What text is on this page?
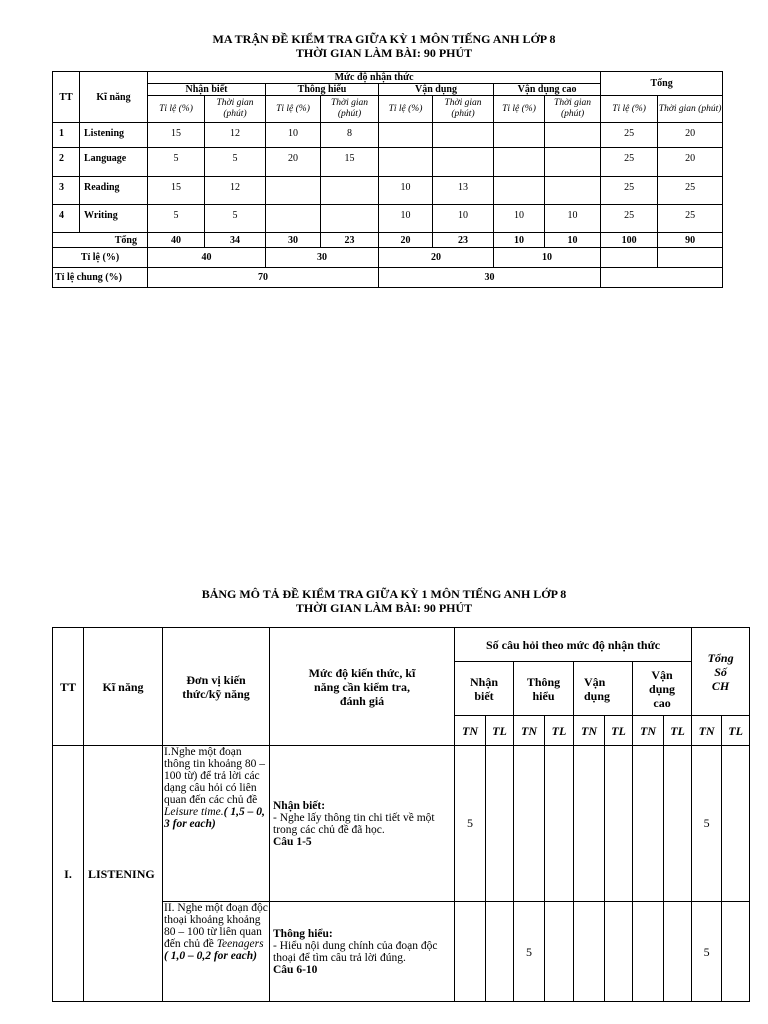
MA TRẬN ĐỀ KIỂM TRA GIỮA KỲ 1 MÔN TIẾNG ANH LỚP 8
THỜI GIAN LÀM BÀI: 90 PHÚT
TT	Kĩ năng	Mức độ nhận thức								Tổng	
		Nhận biết		Thông hiểu		Vận dụng		Vận dụng cao			
		Tỉ lệ (%)	Thời gian (phút)	Tỉ lệ (%)	Thời gian (phút)	Tỉ lệ (%)	Thời gian (phút)	Tỉ lệ (%)	Thời gian (phút)	Tỉ lệ (%)	Thời gian (phút)
1	Listening	15	12	10	8					25	20
2	Language	5	5	20	15					25	20
3	Reading	15	12			10	13			25	25
4	Writing	5	5			10	10	10	10	25	25
Tổng		40	34	30	23	20	23	10	10	100	90
Tỉ lệ (%)		40		30		20		10			
Tỉ lệ chung (%)		70				30					
BẢNG MÔ TẢ ĐỀ KIỂM TRA GIỮA KỲ 1 MÔN TIẾNG ANH LỚP 8
THỜI GIAN LÀM BÀI: 90 PHÚT
TT	Kĩ năng	Đơn vị kiến thức/kỹ năng	Mức độ kiến thức, kĩ năng cần kiểm tra, đánh giá	Số câu hỏi theo mức độ nhận thức								Tổng Số CH	
				Nhận biết		Thông hiểu		Vận dụng		Vận dụng cao			
				TN	TL	TN	TL	TN	TL	TN	TL	TN	TL
I.	LISTENING	I.Nghe một đoạn thông tin khoảng 80 – 100 từ) để trả lời các dạng câu hỏi có liên quan đến các chủ đề Leisure time.( 1,5 – 0, 3 for each)	Nhận biết:
- Nghe lấy thông tin chi tiết về một trong các chủ đề đã học.
Câu 1-5	5								5	
		II. Nghe một đoạn độc thoại khoảng khoảng 80 – 100 từ liên quan đến chủ đề Teenagers ( 1,0 – 0,2 for each)	Thông hiểu:
- Hiểu nội dung chính của đoạn độc thoại để tìm câu trả lời đúng.
Câu 6-10			5						5	
